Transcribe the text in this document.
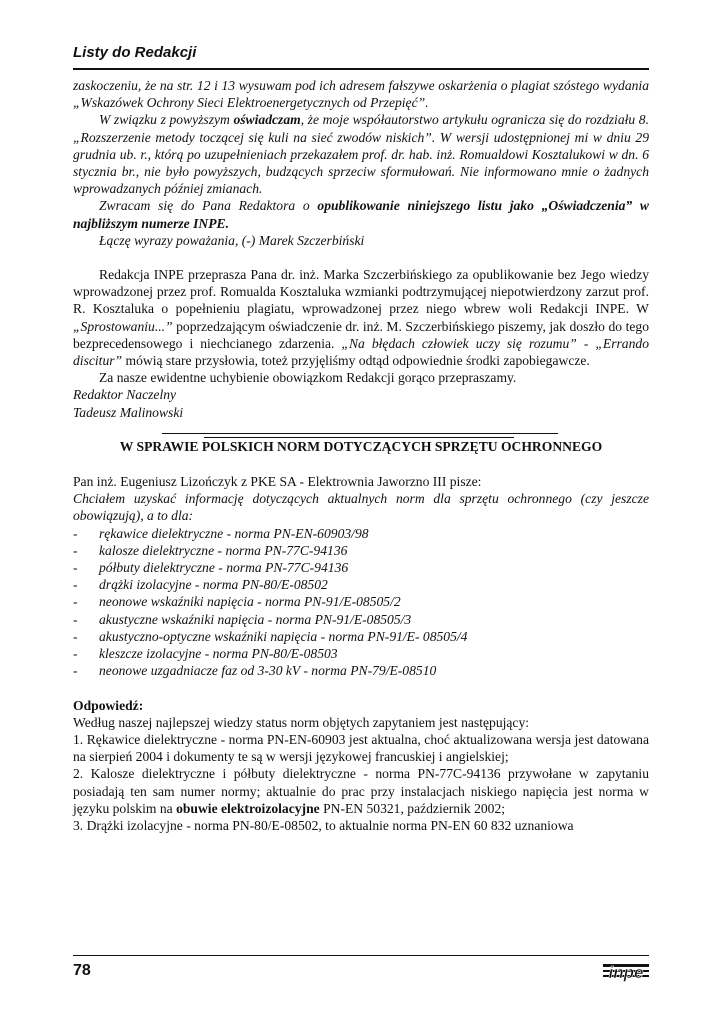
Listy do Redakcji

zaskoczeniu, że na str. 12 i 13 wysuwam pod ich adresem fałszywe oskarżenia o plagiat szóstego wydania „Wskazówek Ochrony Sieci Elektroenergetycznych od Przepięć”.

W związku z powyższym oświadczam, że moje współautorstwo artykułu ogranicza się do rozdziału 8. „Rozszerzenie metody toczącej się kuli na sieć zwodów niskich”. W wersji udostępnionej mi w dniu 29 grudnia ub. r., którą po uzupełnieniach przekazałem prof. dr. hab. inż. Romualdowi Kosztalukowi w dn. 6 stycznia br., nie było powyższych, budzących sprzeciw sformułowań. Nie informowano mnie o żadnych wprowadzanych później zmianach.

Zwracam się do Pana Redaktora o opublikowanie niniejszego listu jako „Oświadczenia” w najbliższym numerze INPE.

Łączę wyrazy poważania, (-) Marek Szczerbiński

Redakcja INPE przeprasza Pana dr. inż. Marka Szczerbińskiego za opublikowanie bez Jego wiedzy wprowadzonej przez prof. Romualda Kosztaluka wzmianki podtrzymującej niepotwierdzony zarzut prof. R. Kosztaluka o popełnieniu plagiatu, wprowadzonej przez niego wbrew woli Redakcji INPE. W „Sprostowaniu...” poprzedzającym oświadczenie dr. inż. M. Szczerbińskiego piszemy, jak doszło do tego bezprecedensowego i niechcianego zdarzenia. „Na błędach człowiek uczy się rozumu” - „Errando discitur” mówią stare przysłowia, toteż przyjęliśmy odtąd odpowiednie środki zapobiegawcze.

Za nasze ewidentne uchybienie obowiązkom Redakcji gorąco przepraszamy.

Redaktor Naczelny

Tadeusz Malinowski

W SPRAWIE POLSKICH NORM DOTYCZĄCYCH SPRZĘTU OCHRONNEGO

Pan inż. Eugeniusz Lizończyk z PKE SA - Elektrownia Jaworzno III pisze:

Chciałem uzyskać informację dotyczących aktualnych norm dla sprzętu ochronnego (czy jeszcze obowiązują), a to dla:

- rękawice dielektryczne - norma PN-EN-60903/98
- kalosze dielektryczne - norma PN-77C-94136
- półbuty dielektryczne - norma PN-77C-94136
- drążki izolacyjne - norma PN-80/E-08502
- neonowe wskaźniki napięcia - norma PN-91/E-08505/2
- akustyczne wskaźniki napięcia - norma PN-91/E-08505/3
- akustyczno-optyczne wskaźniki napięcia - norma PN-91/E- 08505/4
- kleszcze izolacyjne - norma PN-80/E-08503
- neonowe uzgadniacze faz od 3-30 kV - norma PN-79/E-08510

Odpowiedź:

Według naszej najlepszej wiedzy status norm objętych zapytaniem jest następujący:

1. Rękawice dielektryczne - norma PN-EN-60903 jest aktualna, choć aktualizowana wersja jest datowana na sierpień 2004 i dokumenty te są w wersji językowej francuskiej i angielskiej;

2. Kalosze dielektryczne i półbuty dielektryczne - norma PN-77C-94136 przywołane w zapytaniu posiadają ten sam numer normy; aktualnie do prac przy instalacjach niskiego napięcia jest norma w języku polskim na obuwie elektroizolacyjne PN-EN 50321, październik 2002;

3. Drążki izolacyjne - norma PN-80/E-08502, to aktualnie norma PN-EN 60 832 uznaniowa

78	inpe
